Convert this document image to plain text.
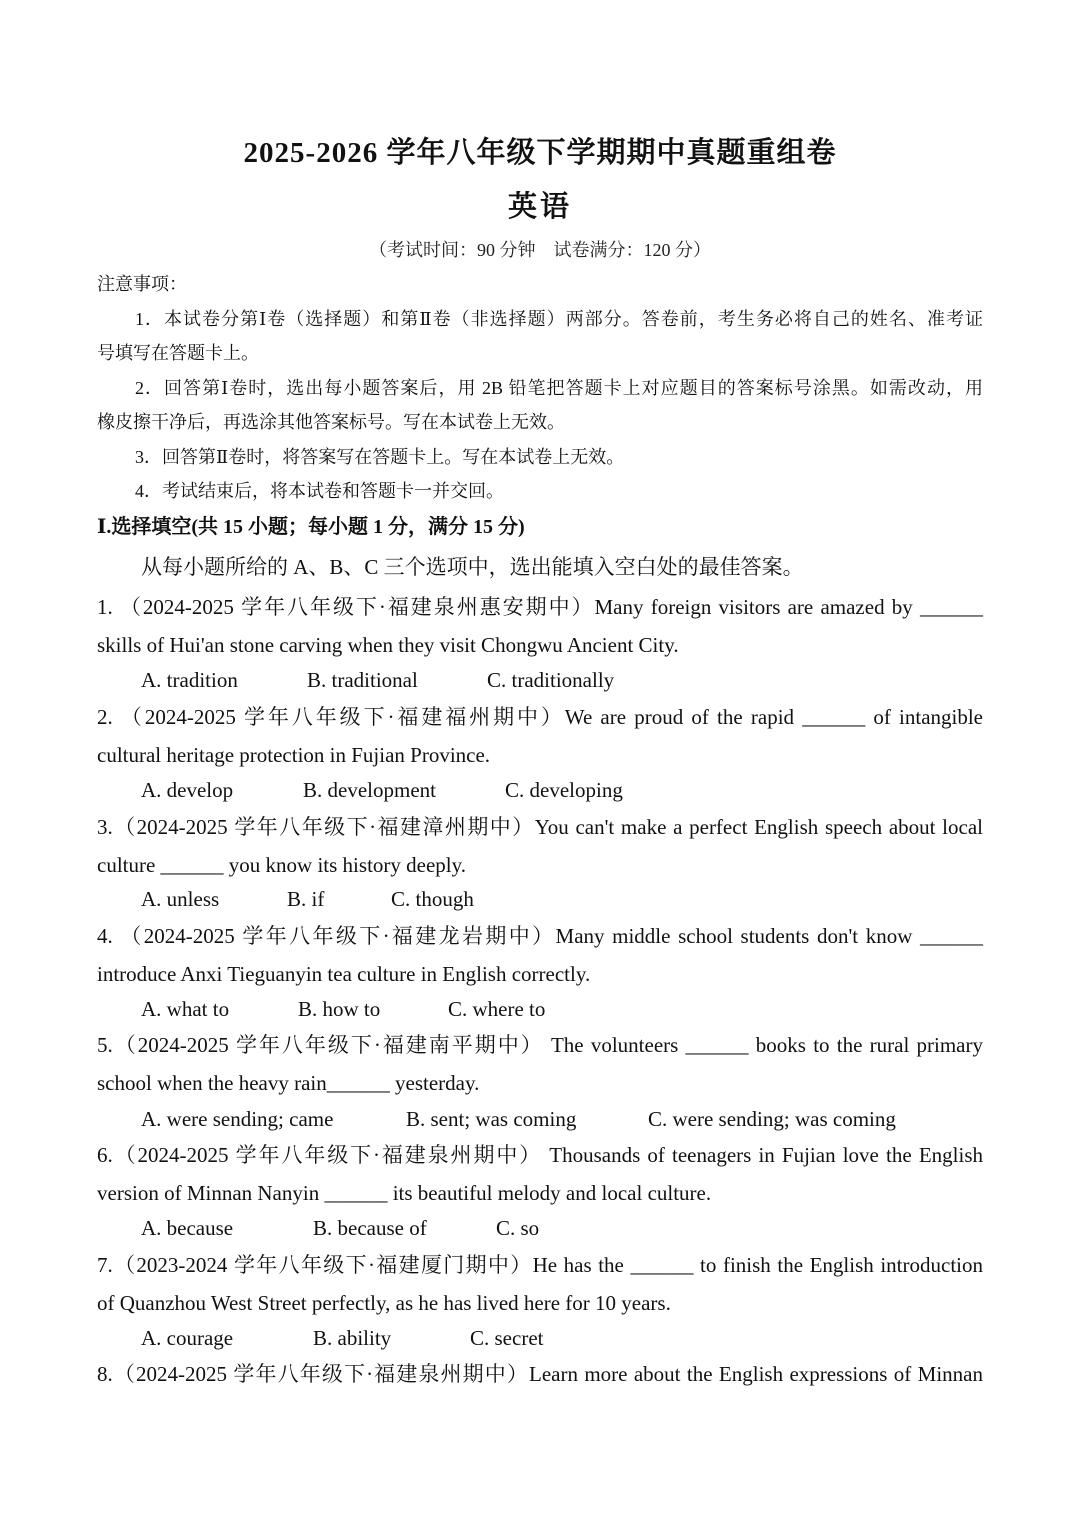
2025-2026 学年八年级下学期期中真题重组卷
英语
（考试时间：90 分钟　试卷满分：120 分）
注意事项：
1．本试卷分第Ⅰ卷（选择题）和第Ⅱ卷（非选择题）两部分。答卷前，考生务必将自己的姓名、准考证
号填写在答题卡上。
2．回答第Ⅰ卷时，选出每小题答案后，用 2B 铅笔把答题卡上对应题目的答案标号涂黑。如需改动，用
橡皮擦干净后，再选涂其他答案标号。写在本试卷上无效。
3．回答第Ⅱ卷时，将答案写在答题卡上。写在本试卷上无效。
4．考试结束后，将本试卷和答题卡一并交回。
Ⅰ.选择填空(共 15 小题；每小题 1 分，满分 15 分)
从每小题所给的 A、B、C 三个选项中，选出能填入空白处的最佳答案。
1. （2024-2025 学年八年级下·福建泉州惠安期中）Many foreign visitors are amazed by ______
skills of Hui'an stone carving when they visit Chongwu Ancient City.
A. tradition	B. traditional	C. traditionally
2. （2024-2025 学年八年级下·福建福州期中）We are proud of the rapid ______ of intangible
cultural heritage protection in Fujian Province.
A. develop	B. development	C. developing
3.（2024-2025 学年八年级下·福建漳州期中）You can't make a perfect English speech about local
culture ______ you know its history deeply.
A. unless	B. if	C. though
4. （2024-2025 学年八年级下·福建龙岩期中）Many middle school students don't know ______
introduce Anxi Tieguanyin tea culture in English correctly.
A. what to	B. how to	C. where to
5.（2024-2025 学年八年级下·福建南平期中） The volunteers ______ books to the rural primary
school when the heavy rain______ yesterday.
A. were sending; came	B. sent; was coming	C. were sending; was coming
6.（2024-2025 学年八年级下·福建泉州期中） Thousands of teenagers in Fujian love the English
version of Minnan Nanyin ______ its beautiful melody and local culture.
A. because	B. because of	C. so
7.（2023-2024 学年八年级下·福建厦门期中）He has the ______ to finish the English introduction
of Quanzhou West Street perfectly, as he has lived here for 10 years.
A. courage	B. ability	C. secret
8.（2024-2025 学年八年级下·福建泉州期中）Learn more about the English expressions of Minnan
